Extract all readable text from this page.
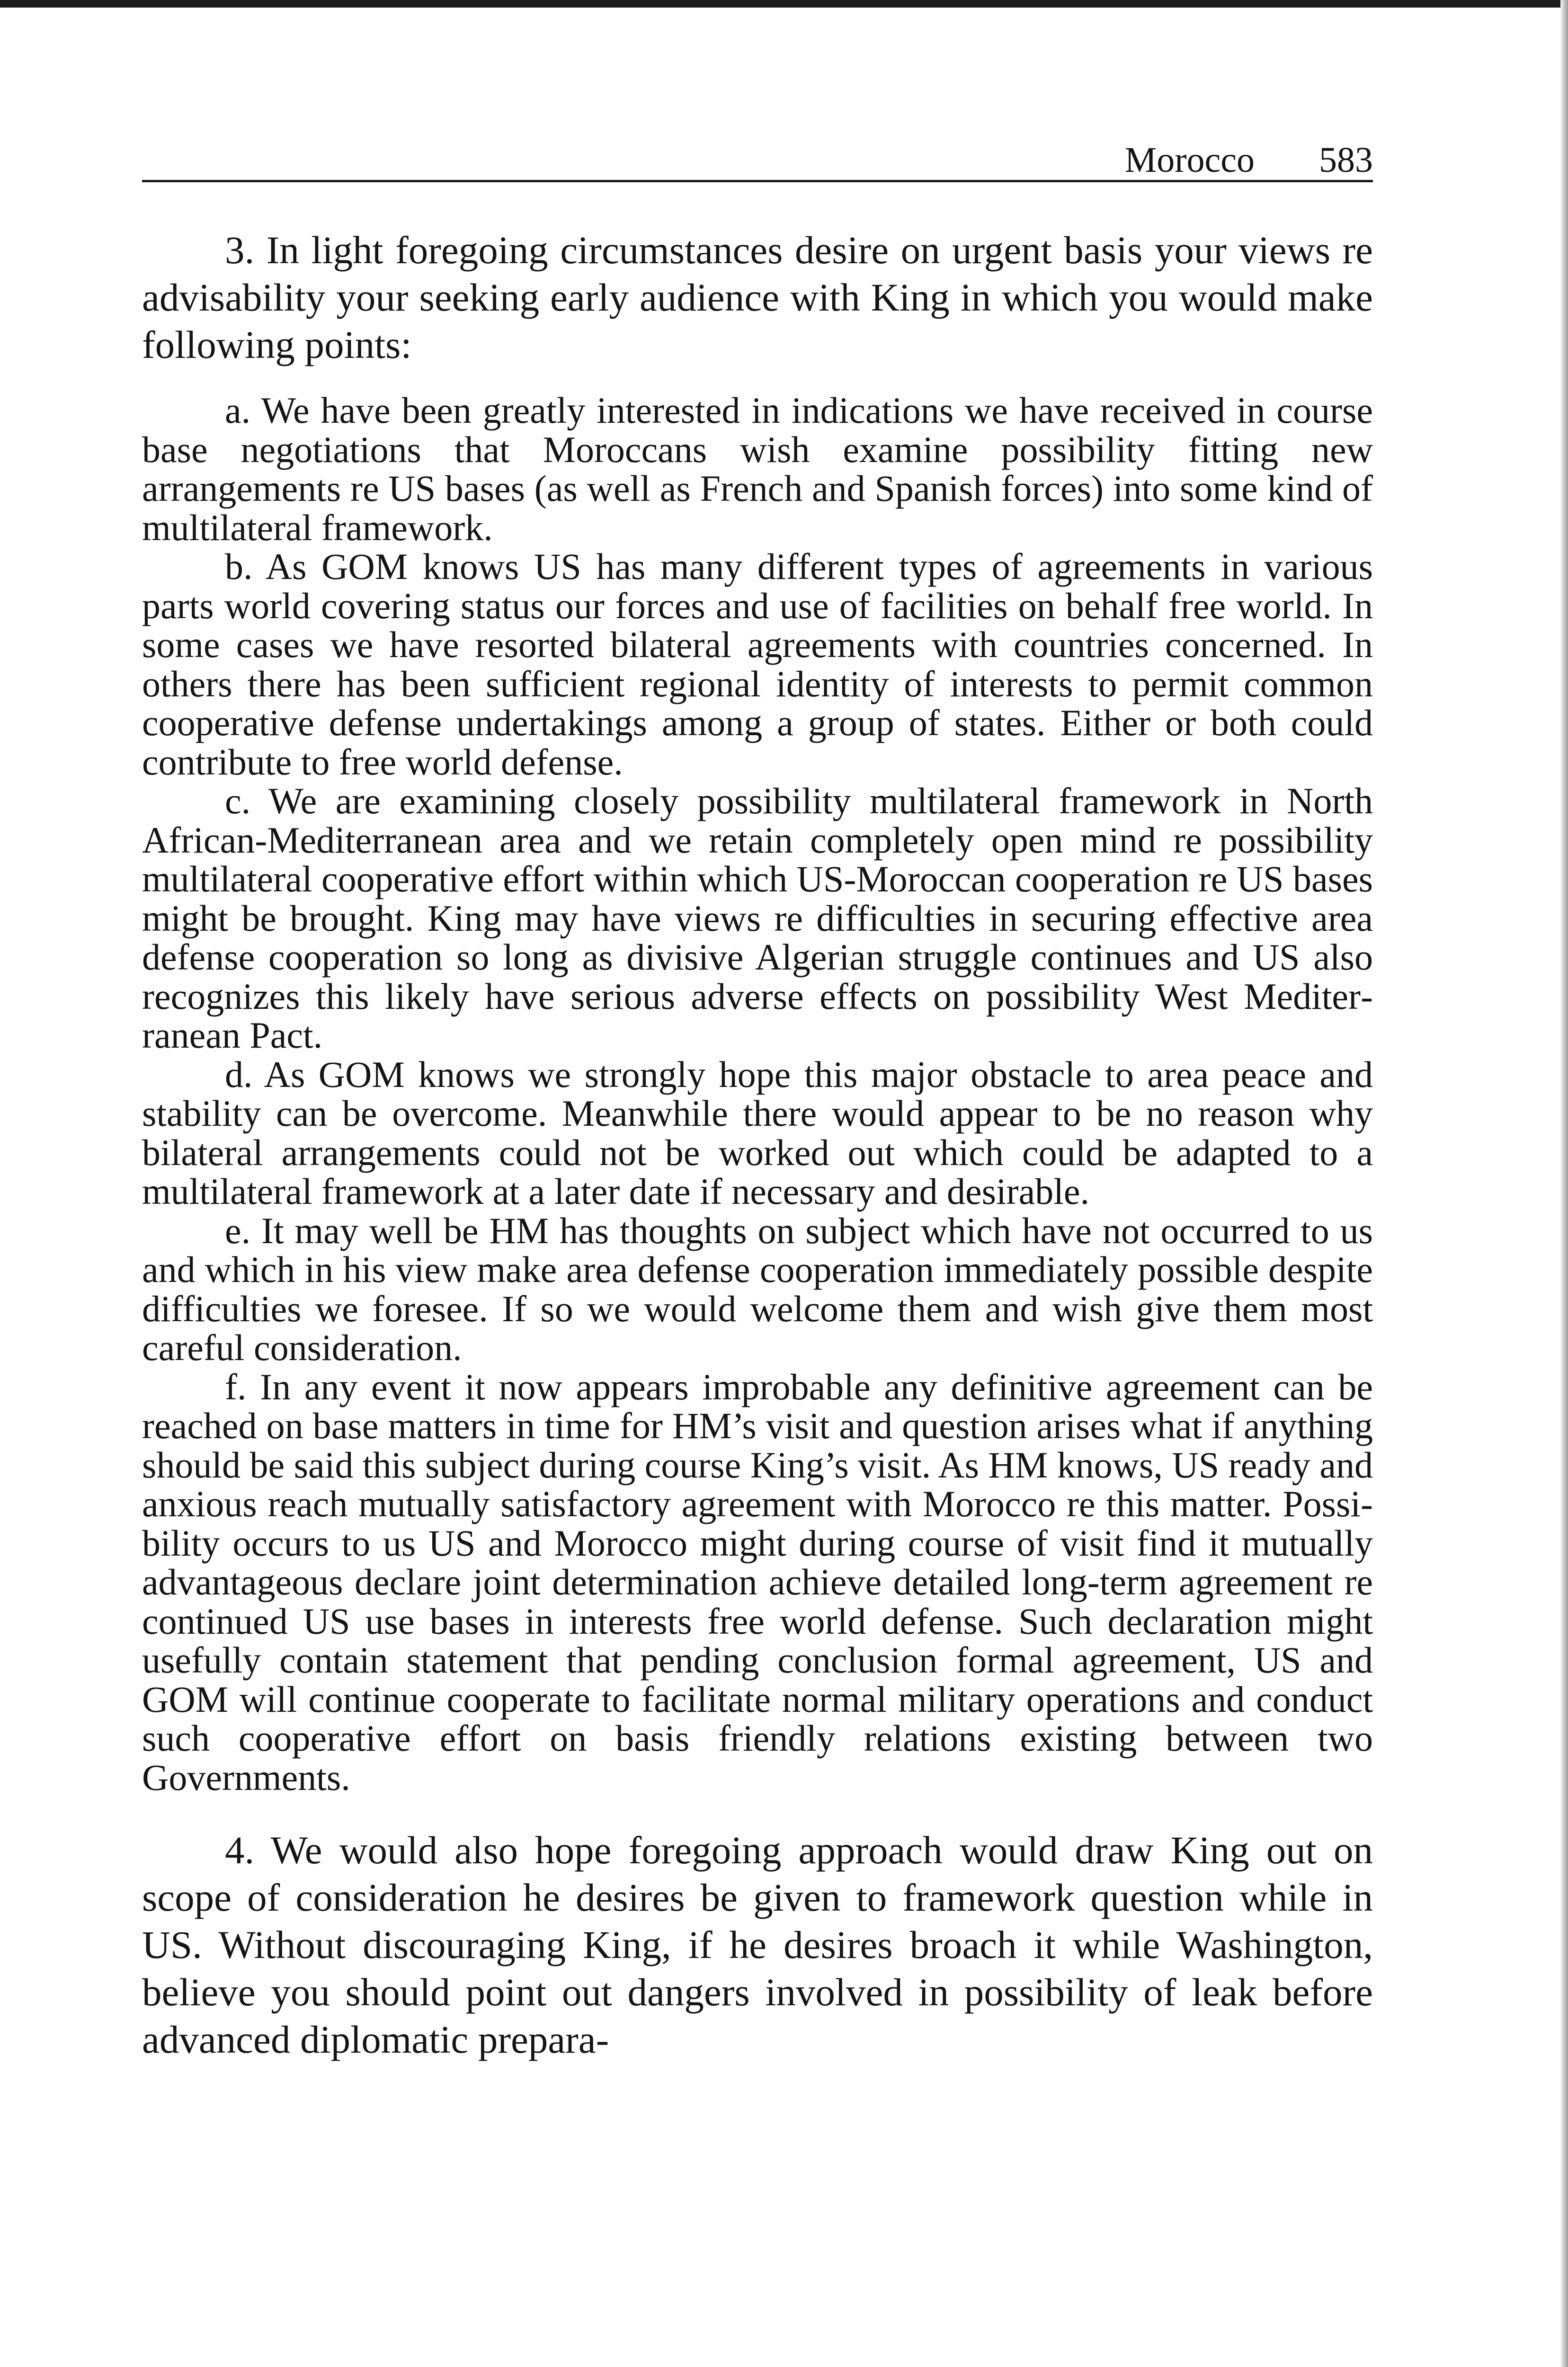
Morocco 583

3. In light foregoing circumstances desire on urgent basis your views re advisability your seeking early audience with King in which you would make following points:

a. We have been greatly interested in indications we have received in course base negotiations that Moroccans wish examine possibility fitting new arrangements re US bases (as well as French and Spanish forces) into some kind of multilateral framework.

b. As GOM knows US has many different types of agreements in various parts world covering status our forces and use of facilities on behalf free world. In some cases we have resorted bilateral agreements with countries concerned. In others there has been sufficient regional identity of interests to permit common cooperative defense undertakings among a group of states. Either or both could contribute to free world defense.

c. We are examining closely possibility multilateral framework in North African-Mediterranean area and we retain completely open mind re possibility multilateral cooperative effort within which US-Moroccan cooperation re US bases might be brought. King may have views re difficulties in securing effective area defense cooperation so long as divisive Algerian struggle continues and US also recognizes this likely have serious adverse effects on possibility West Mediterranean Pact.

d. As GOM knows we strongly hope this major obstacle to area peace and stability can be overcome. Meanwhile there would appear to be no reason why bilateral arrangements could not be worked out which could be adapted to a multilateral framework at a later date if necessary and desirable.

e. It may well be HM has thoughts on subject which have not occurred to us and which in his view make area defense cooperation immediately possible despite difficulties we foresee. If so we would welcome them and wish give them most careful consideration.

f. In any event it now appears improbable any definitive agreement can be reached on base matters in time for HM’s visit and question arises what if anything should be said this subject during course King’s visit. As HM knows, US ready and anxious reach mutually satisfactory agreement with Morocco re this matter. Possibility occurs to us US and Morocco might during course of visit find it mutually advantageous declare joint determination achieve detailed long-term agreement re continued US use bases in interests free world defense. Such declaration might usefully contain statement that pending conclusion formal agreement, US and GOM will continue cooperate to facilitate normal military operations and conduct such cooperative effort on basis friendly relations existing between two Governments.

4. We would also hope foregoing approach would draw King out on scope of consideration he desires be given to framework question while in US. Without discouraging King, if he desires broach it while Washington, believe you should point out dangers involved in possibility of leak before advanced diplomatic prepara-
